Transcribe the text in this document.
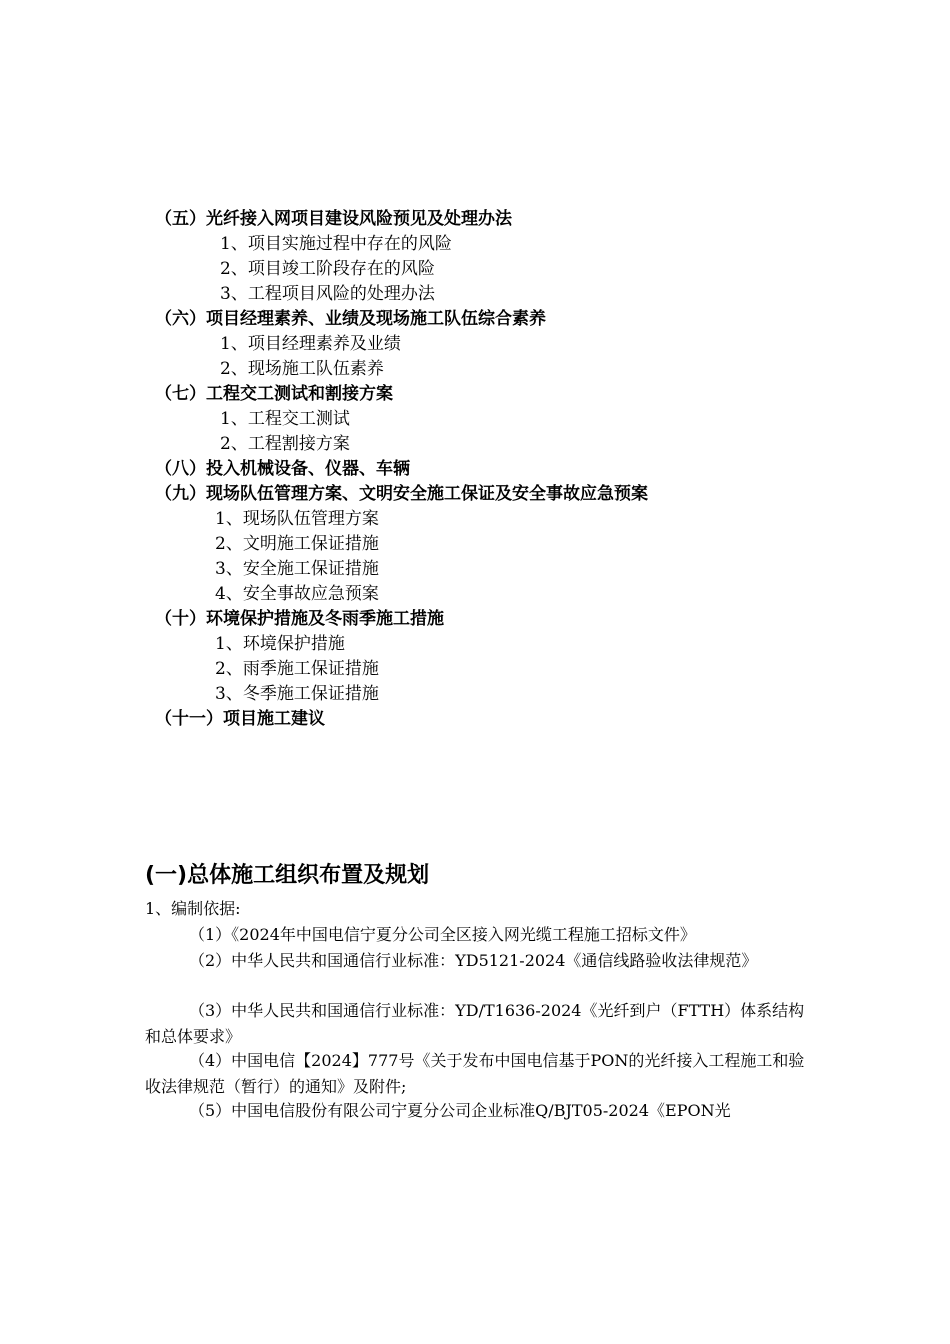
（五）光纤接入网项目建设风险预见及处理办法
1、项目实施过程中存在的风险
2、项目竣工阶段存在的风险
3、工程项目风险的处理办法
（六）项目经理素养、业绩及现场施工队伍综合素养
1、项目经理素养及业绩
2、现场施工队伍素养
（七）工程交工测试和割接方案
1、工程交工测试
2、工程割接方案
（八）投入机械设备、仪器、车辆
（九）现场队伍管理方案、文明安全施工保证及安全事故应急预案
1、现场队伍管理方案
2、文明施工保证措施
3、安全施工保证措施
4、安全事故应急预案
（十）环境保护措施及冬雨季施工措施
1、环境保护措施
2、雨季施工保证措施
3、冬季施工保证措施
（十一）项目施工建议
(一)总体施工组织布置及规划
1、编制依据:
（1）《2024年中国电信宁夏分公司全区接入网光缆工程施工招标文件》
（2）中华人民共和国通信行业标准：YD5121-2024《通信线路验收法律规范》
（3）中华人民共和国通信行业标准：YD/T1636-2024《光纤到户（FTTH）体系结构和总体要求》
（4）中国电信【2024】777号《关于发布中国电信基于PON的光纤接入工程施工和验收法律规范（暂行）的通知》及附件;
（5）中国电信股份有限公司宁夏分公司企业标准Q/BJT05-2024《EPON光
